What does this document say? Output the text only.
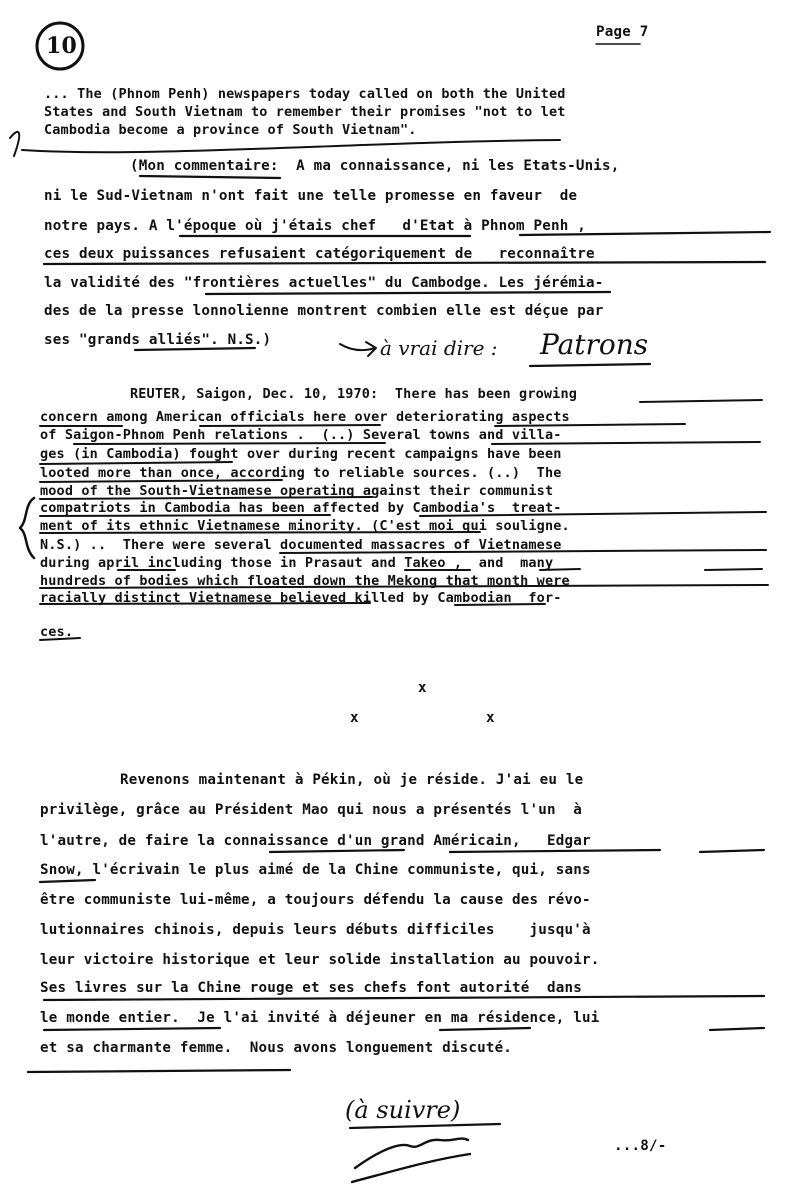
10
Page 7
... The (Phnom Penh) newspapers today called on both the United
States and South Vietnam to remember their promises "not to let
Cambodia become a province of South Vietnam".
(Mon commentaire:  A ma connaissance, ni les Etats-Unis,
ni le Sud-Vietnam n'ont fait une telle promesse en faveur  de
notre pays. A l'époque où j'étais chef   d'Etat à Phnom Penh ,
ces deux puissances refusaient catégoriquement de   reconnaître
la validité des "frontières actuelles" du Cambodge. Les jérémia-
des de la presse lonnolienne montrent combien elle est déçue par
ses "grands alliés". N.S.)	à vrai dire : Patrons
REUTER, Saigon, Dec. 10, 1970:  There has been growing
concern among American officials here over deteriorating aspects
of Saigon-Phnom Penh relations .  (..) Several towns and villa-
ges (in Cambodia) fought over during recent campaigns have been
looted more than once, according to reliable sources. (..)  The
mood of the South-Vietnamese operating against their communist
compatriots in Cambodia has been affected by Cambodia's  treat-
ment of its ethnic Vietnamese minority. (C'est moi qui souligne.
N.S.) ..  There were several documented massacres of Vietnamese
during april including those in Prasaut and Takeo ,  and  many
hundreds of bodies which floated down the Mekong that month were
racially distinct Vietnamese believed killed by Cambodian  for-
ces.
x
x	x
Revenons maintenant à Pékin, où je réside. J'ai eu le
privilège, grâce au Président Mao qui nous a présentés l'un  à
l'autre, de faire la connaissance d'un grand Américain,   Edgar
Snow, l'écrivain le plus aimé de la Chine communiste, qui, sans
être communiste lui-même, a toujours défendu la cause des révo-
lutionnaires chinois, depuis leurs débuts difficiles    jusqu'à
leur victoire historique et leur solide installation au pouvoir.
Ses livres sur la Chine rouge et ses chefs font autorité  dans
le monde entier.  Je l'ai invité à déjeuner en ma résidence, lui
et sa charmante femme.  Nous avons longuement discuté.
(à suivre)
...8/-
